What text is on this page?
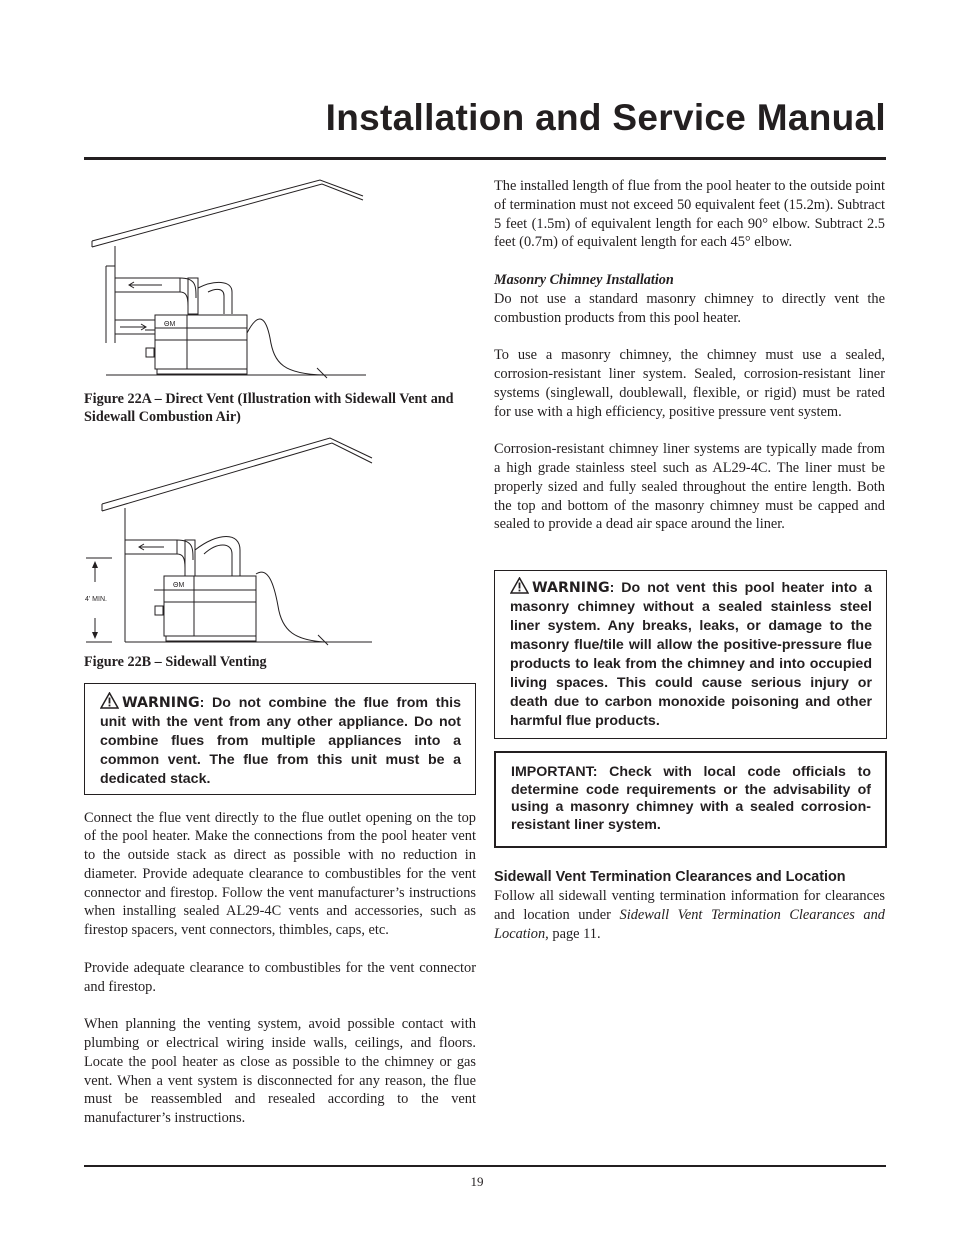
Installation and Service Manual
ΘM

Figure 22A – Direct Vent (Illustration with Sidewall Vent and Sidewall Combustion Air)

4' MIN.
ΘM

Figure 22B – Sidewall Venting

WARNING: Do not combine the flue from this unit with the vent from any other appliance. Do not combine flues from multiple appliances into a common vent. The flue from this unit must be a dedicated stack.

Connect the flue vent directly to the flue outlet opening on the top of the pool heater. Make the connections from the pool heater vent to the outside stack as direct as possible with no reduction in diameter. Provide adequate clearance to combustibles for the vent connector and firestop. Follow the vent manufacturer’s instructions when installing sealed AL29-4C vents and accessories, such as firestop spacers, vent connectors, thimbles, caps, etc.

Provide adequate clearance to combustibles for the vent connector and firestop.

When planning the venting system, avoid possible contact with plumbing or electrical wiring inside walls, ceilings, and floors. Locate the pool heater as close as possible to the chimney or gas vent. When a vent system is disconnected for any reason, the flue must be reassembled and resealed according to the vent manufacturer’s instructions.

The installed length of flue from the pool heater to the outside point of termination must not exceed 50 equivalent feet (15.2m). Subtract 5 feet (1.5m) of equivalent length for each 90° elbow. Subtract 2.5 feet (0.7m) of equivalent length for each 45° elbow.

Masonry Chimney Installation

Do not use a standard masonry chimney to directly vent the combustion products from this pool heater.

To use a masonry chimney, the chimney must use a sealed, corrosion-resistant liner system. Sealed, corrosion-resistant liner systems (singlewall, doublewall, flexible, or rigid) must be rated for use with a high efficiency, positive pressure vent system.

Corrosion-resistant chimney liner systems are typically made from a high grade stainless steel such as AL29-4C. The liner must be properly sized and fully sealed throughout the entire length. Both the top and bottom of the masonry chimney must be capped and sealed to provide a dead air space around the liner.

WARNING: Do not vent this pool heater into a masonry chimney without a sealed stainless steel liner system. Any breaks, leaks, or damage to the masonry flue/tile will allow the positive-pressure flue products to leak from the chimney and into occupied living spaces. This could cause serious injury or death due to carbon monoxide poisoning and other harmful flue products.
IMPORTANT: Check with local code officials to determine code requirements or the advisability of using a masonry chimney with a sealed corrosion-resistant liner system.

Sidewall Vent Termination Clearances and Location

Follow all sidewall venting termination information for clearances and location under Sidewall Vent Termination Clearances and Location, page 11.

19
